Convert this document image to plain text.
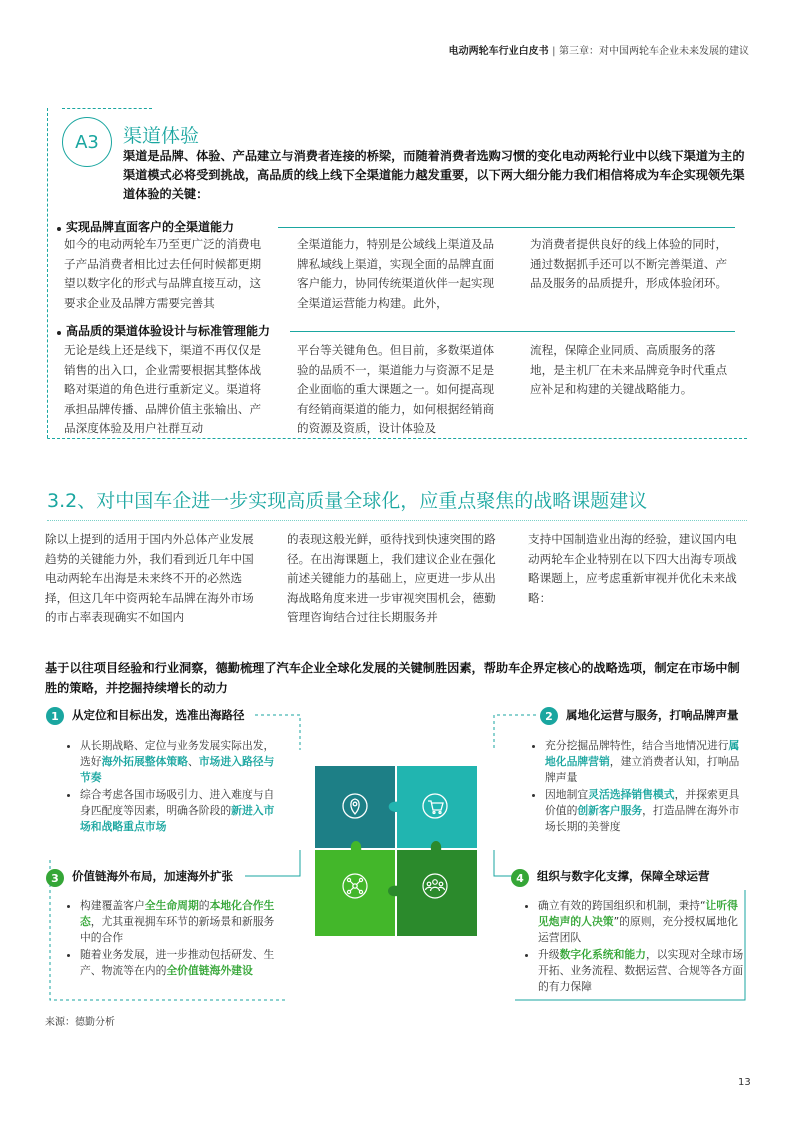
电动两轮车行业白皮书 | 第三章：对中国两轮车企业未来发展的建议
A3	渠道体验
渠道是品牌、体验、产品建立与消费者连接的桥梁，而随着消费者选购习惯的变化电动两轮行业中以线下渠道为主的渠道模式必将受到挑战，高品质的线上线下全渠道能力越发重要，以下两大细分能力我们相信将成为车企实现领先渠道体验的关键：
实现品牌直面客户的全渠道能力
如今的电动两轮车乃至更广泛的消费电子产品消费者相比过去任何时候都更期望以数字化的形式与品牌直接互动，这要求企业及品牌方需要完善其
全渠道能力，特别是公域线上渠道及品牌私域线上渠道，实现全面的品牌直面客户能力，协同传统渠道伙伴一起实现全渠道运营能力构建。此外，
为消费者提供良好的线上体验的同时，通过数据抓手还可以不断完善渠道、产品及服务的品质提升，形成体验闭环。
高品质的渠道体验设计与标准管理能力
无论是线上还是线下，渠道不再仅仅是销售的出入口，企业需要根据其整体战略对渠道的角色进行重新定义。渠道将承担品牌传播、品牌价值主张输出、产品深度体验及用户社群互动
平台等关键角色。但目前，多数渠道体验的品质不一，渠道能力与资源不足是企业面临的重大课题之一。如何提高现有经销商渠道的能力，如何根据经销商的资源及资质，设计体验及
流程，保障企业同质、高质服务的落地，是主机厂在未来品牌竞争时代重点应补足和构建的关键战略能力。
3.2、对中国车企进一步实现高质量全球化，应重点聚焦的战略课题建议
除以上提到的适用于国内外总体产业发展趋势的关键能力外，我们看到近几年中国电动两轮车出海是未来终不开的必然选择，但这几年中资两轮车品牌在海外市场的市占率表现确实不如国内
的表现这般光鲜，亟待找到快速突围的路径。在出海课题上，我们建议企业在强化前述关键能力的基础上，应更进一步从出海战略角度来进一步审视突围机会，德勤管理咨询结合过往长期服务并
支持中国制造业出海的经验，建议国内电动两轮车企业特别在以下四大出海专项战略课题上，应考虑重新审视并优化未来战略：
基于以往项目经验和行业洞察，德勤梳理了汽车企业全球化发展的关键制胜因素，帮助车企界定核心的战略选项，制定在市场中制胜的策略，并挖掘持续增长的动力
1	从定位和目标出发，选准出海路径
• 从长期战略、定位与业务发展实际出发，选好海外拓展整体策略、市场进入路径与节奏
• 综合考虑各国市场吸引力、进入难度与自身匹配度等因素，明确各阶段的新进入市场和战略重点市场
2	属地化运营与服务，打响品牌声量
• 充分挖掘品牌特性，结合当地情况进行属地化品牌营销，建立消费者认知，打响品牌声量
• 因地制宜灵活选择销售模式，并探索更具价值的创新客户服务，打造品牌在海外市场长期的美誉度
3	价值链海外布局，加速海外扩张
• 构建覆盖客户全生命周期的本地化合作生态，尤其重视拥车环节的新场景和新服务中的合作
• 随着业务发展，进一步推动包括研发、生产、物流等在内的全价值链海外建设
4	组织与数字化支撑，保障全球运营
• 确立有效的跨国组织和机制，秉持“让听得见炮声的人决策”的原则，充分授权属地化运营团队
• 升级数字化系统和能力，以实现对全球市场开拓、业务流程、数据运营、合规等各方面的有力保障
来源：德勤分析
13
